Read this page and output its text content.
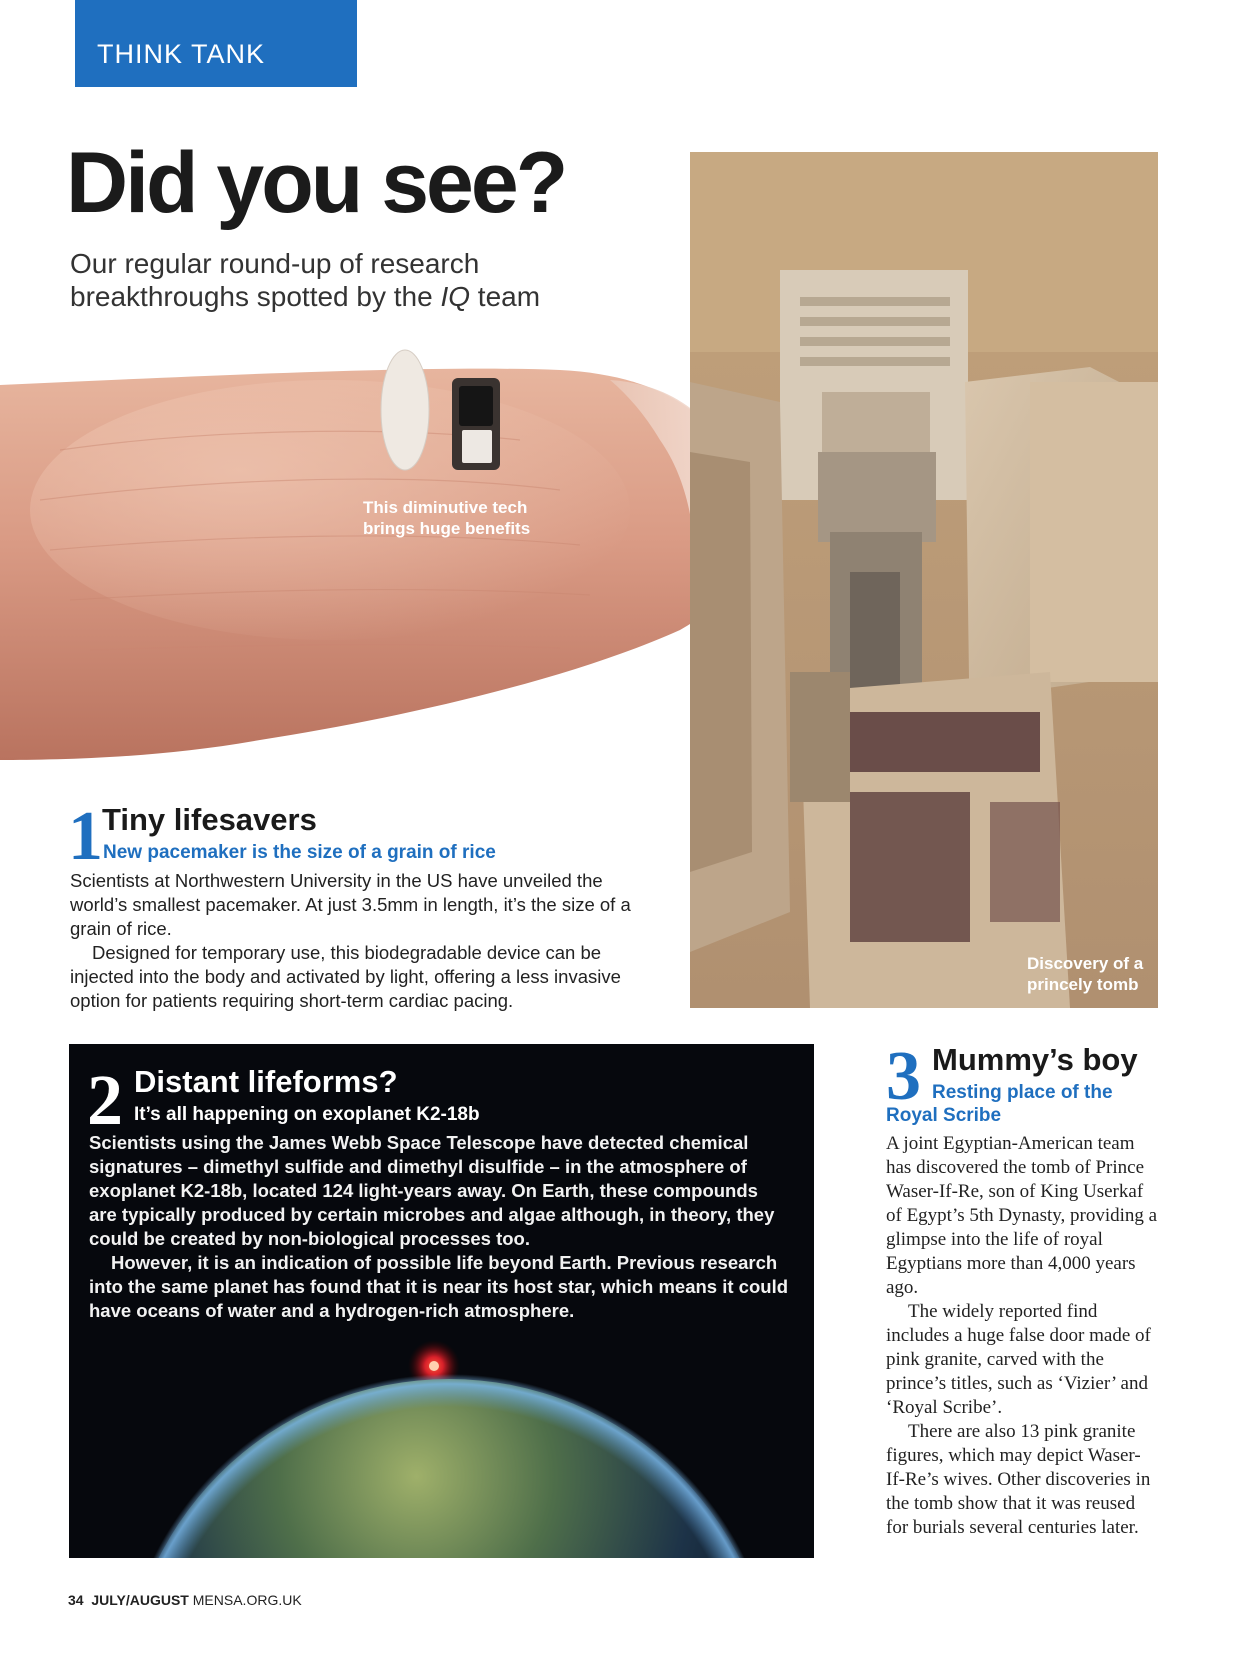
THINK TANK
Did you see?
Our regular round-up of research breakthroughs spotted by the IQ team
This diminutive tech brings huge benefits
Discovery of a princely tomb
1 Tiny lifesavers
New pacemaker is the size of a grain of rice

Scientists at Northwestern University in the US have unveiled the world’s smallest pacemaker. At just 3.5mm in length, it’s the size of a grain of rice.

Designed for temporary use, this biodegradable device can be injected into the body and activated by light, offering a less invasive option for patients requiring short-term cardiac pacing.

2 Distant lifeforms?
It’s all happening on exoplanet K2-18b

Scientists using the James Webb Space Telescope have detected chemical signatures – dimethyl sulfide and dimethyl disulfide – in the atmosphere of exoplanet K2-18b, located 124 light-years away. On Earth, these compounds are typically produced by certain microbes and algae although, in theory, they could be created by non-biological processes too.

However, it is an indication of possible life beyond Earth. Previous research into the same planet has found that it is near its host star, which means it could have oceans of water and a hydrogen-rich atmosphere.

3 Mummy’s boy
Resting place of the Royal Scribe

A joint Egyptian-American team has discovered the tomb of Prince Waser-If-Re, son of King Userkaf of Egypt’s 5th Dynasty, providing a glimpse into the life of royal Egyptians more than 4,000 years ago.

The widely reported find includes a huge false door made of pink granite, carved with the prince’s titles, such as ‘Vizier’ and ‘Royal Scribe’.

There are also 13 pink granite figures, which may depict Waser-If-Re’s wives. Other discoveries in the tomb show that it was reused for burials several centuries later.

34 JULY/AUGUST MENSA.ORG.UK
